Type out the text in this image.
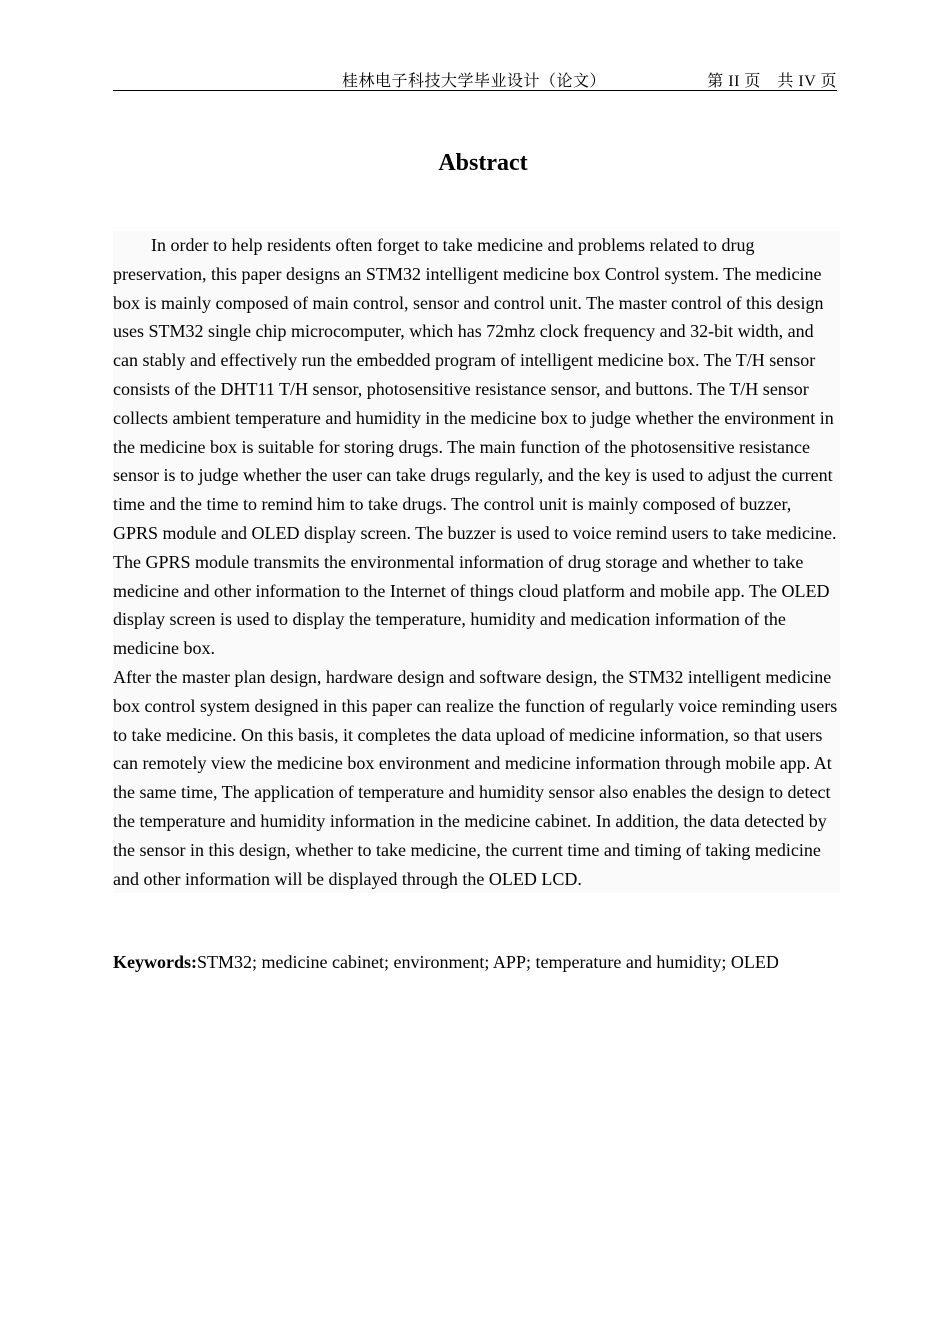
桂林电子科技大学毕业设计（论文）	第 II 页　共 IV 页
Abstract

In order to help residents often forget to take medicine and problems related to drug preservation, this paper designs an STM32 intelligent medicine box Control system. The medicine box is mainly composed of main control, sensor and control unit. The master control of this design uses STM32 single chip microcomputer, which has 72mhz clock frequency and 32-bit width, and can stably and effectively run the embedded program of intelligent medicine box. The T/H sensor consists of the DHT11 T/H sensor, photosensitive resistance sensor, and buttons. The T/H sensor collects ambient temperature and humidity in the medicine box to judge whether the environment in the medicine box is suitable for storing drugs. The main function of the photosensitive resistance sensor is to judge whether the user can take drugs regularly, and the key is used to adjust the current time and the time to remind him to take drugs. The control unit is mainly composed of buzzer, GPRS module and OLED display screen. The buzzer is used to voice remind users to take medicine. The GPRS module transmits the environmental information of drug storage and whether to take medicine and other information to the Internet of things cloud platform and mobile app. The OLED display screen is used to display the temperature, humidity and medication information of the medicine box.

After the master plan design, hardware design and software design, the STM32 intelligent medicine box control system designed in this paper can realize the function of regularly voice reminding users to take medicine. On this basis, it completes the data upload of medicine information, so that users can remotely view the medicine box environment and medicine information through mobile app. At the same time, The application of temperature and humidity sensor also enables the design to detect the temperature and humidity information in the medicine cabinet. In addition, the data detected by the sensor in this design, whether to take medicine, the current time and timing of taking medicine and other information will be displayed through the OLED LCD.

Keywords:STM32; medicine cabinet; environment; APP; temperature and humidity; OLED
